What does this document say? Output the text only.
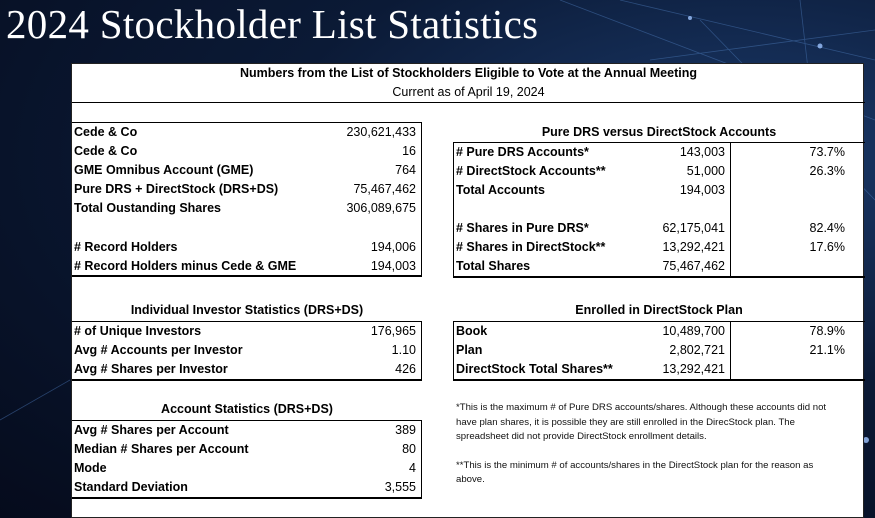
2024 Stockholder List Statistics
Numbers from the List of Stockholders Eligible to Vote at the Annual Meeting
Current as of April 19, 2024
Cede & Co	230,621,433
Cede & Co	16
GME Omnibus Account (GME)	764
Pure DRS + DirectStock (DRS+DS)	75,467,462
Total Oustanding Shares	306,089,675
# Record Holders	194,006
# Record Holders minus Cede & GME	194,003
Individual Investor Statistics (DRS+DS)
# of Unique Investors	176,965
Avg # Accounts per Investor	1.10
Avg # Shares per Investor	426
Account Statistics (DRS+DS)
Avg # Shares per Account	389
Median # Shares per Account	80
Mode	4
Standard Deviation	3,555
Pure DRS versus DirectStock Accounts
# Pure DRS Accounts*	143,003	73.7%
# DirectStock Accounts**	51,000	26.3%
Total Accounts	194,003
# Shares in Pure DRS*	62,175,041	82.4%
# Shares in DirectStock**	13,292,421	17.6%
Total Shares	75,467,462
Enrolled in DirectStock Plan
Book	10,489,700	78.9%
Plan	2,802,721	21.1%
DirectStock Total Shares**	13,292,421
*This is the maximum # of Pure DRS accounts/shares. Although these accounts did not
have plan shares, it is possible they are still enrolled in the DirecStock plan. The
spreadsheet did not provide DirectStock enrollment details.
**This is the minimum # of accounts/shares in the DirectStock plan for the reason as
above.
